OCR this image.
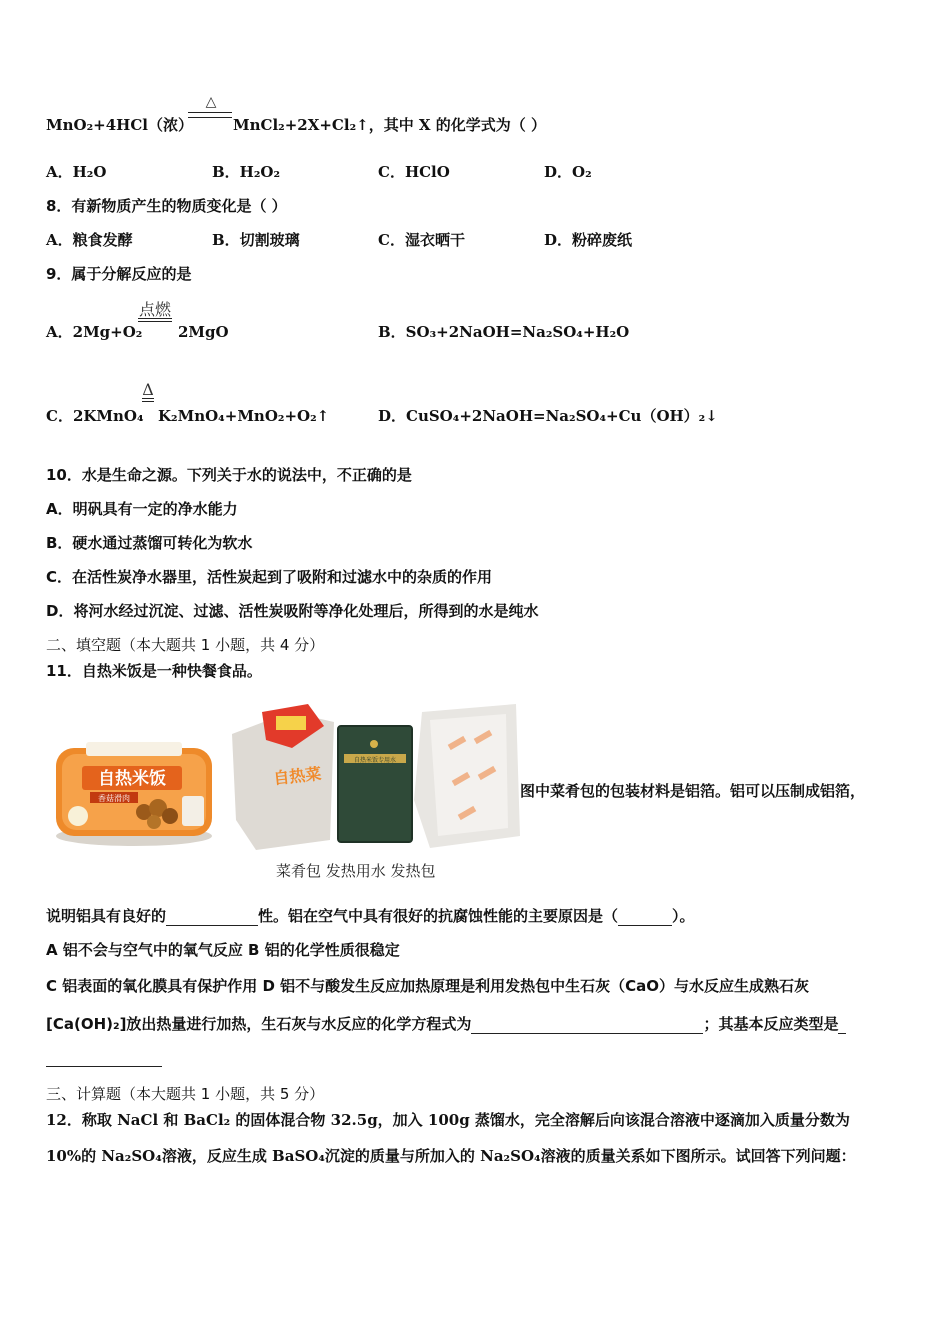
MnO₂+4HCl（浓）
△
MnCl₂+2X+Cl₂↑，其中 X 的化学式为（ ）
A．H₂O	B．H₂O₂	C．HClO	D．O₂
8．有新物质产生的物质变化是（ ）
A．粮食发酵	B．切割玻璃	C．湿衣晒干	D．粉碎废纸
9．属于分解反应的是
A．2Mg+O₂
点燃
2MgO	B．SO₃+2NaOH=Na₂SO₄+H₂O
C．2KMnO₄
Δ
K₂MnO₄+MnO₂+O₂↑	D．CuSO₄+2NaOH=Na₂SO₄+Cu（OH）₂↓
10．水是生命之源。下列关于水的说法中，不正确的是
A．明矾具有一定的净水能力
B．硬水通过蒸馏可转化为软水
C．在活性炭净水器里，活性炭起到了吸附和过滤水中的杂质的作用
D．将河水经过沉淀、过滤、活性炭吸附等净化处理后，所得到的水是纯水
二、填空题（本大题共 1 小题，共 4 分）
11．自热米饭是一种快餐食品。
自热米饭
香菇滑肉
自热菜
自热米饭专用水
菜肴包 发热用水 发热包
图中菜肴包的包装材料是铝箔。铝可以压制成铝箔，
说明铝具有良好的	性。铝在空气中具有很好的抗腐蚀性能的主要原因是（	）。
A 铝不会与空气中的氧气反应 B 铝的化学性质很稳定
C 铝表面的氧化膜具有保护作用 D 铝不与酸发生反应加热原理是利用发热包中生石灰（CaO）与水反应生成熟石灰
[Ca(OH)₂]放出热量进行加热，生石灰与水反应的化学方程式为	；其基本反应类型是
三、计算题（本大题共 1 小题，共 5 分）
12．称取 NaCl 和 BaCl₂ 的固体混合物 32.5g，加入 100g 蒸馏水，完全溶解后向该混合溶液中逐滴加入质量分数为
10%的 Na₂SO₄溶液，反应生成 BaSO₄沉淀的质量与所加入的 Na₂SO₄溶液的质量关系如下图所示。试回答下列问题：
